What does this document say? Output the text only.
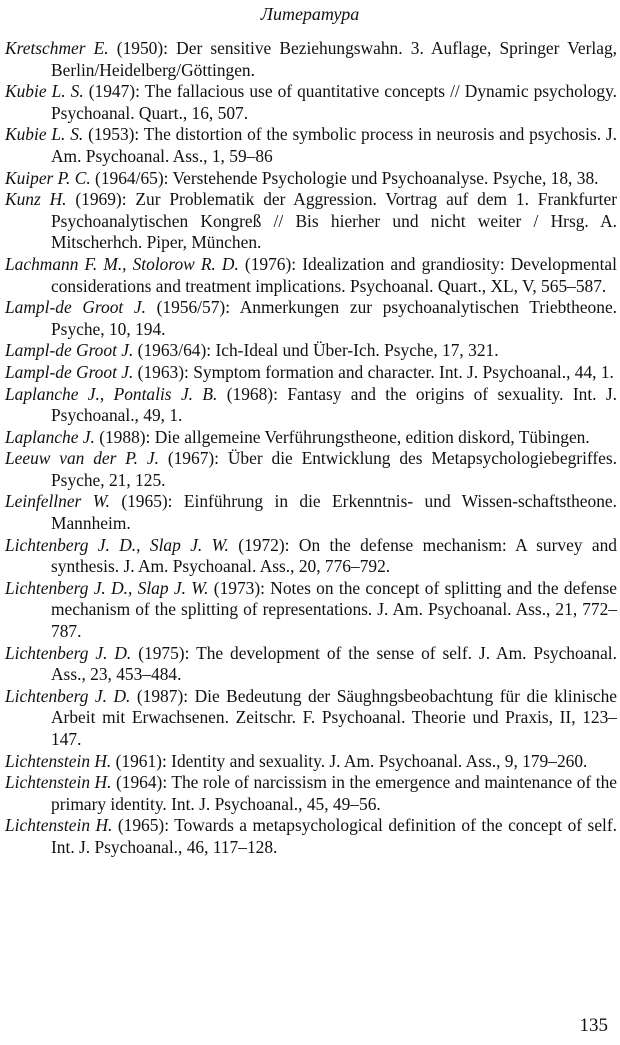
Литература

Kretschmer E. (1950): Der sensitive Beziehungswahn. 3. Auflage, Springer Verlag, Berlin/Heidelberg/Göttingen.

Kubie L. S. (1947): The fallacious use of quantitative concepts // Dynamic psychology. Psychoanal. Quart., 16, 507.

Kubie L. S. (1953): The distortion of the symbolic process in neurosis and psychosis. J. Am. Psychoanal. Ass., 1, 59–86

Kuiper P. C. (1964/65): Verstehende Psychologie und Psychoanalyse. Psyche, 18, 38.

Kunz H. (1969): Zur Problematik der Aggression. Vortrag auf dem 1. Frankfurter Psychoanalytischen Kongreß // Bis hierher und nicht weiter / Hrsg. A. Mitscherhch. Piper, München.

Lachmann F. M., Stolorow R. D. (1976): Idealization and grandiosity: Developmental considerations and treatment implications. Psychoanal. Quart., XL, V, 565–587.

Lampl-de Groot J. (1956/57): Anmerkungen zur psychoanalytischen Triebtheone. Psyche, 10, 194.

Lampl-de Groot J. (1963/64): Ich-Ideal und Über-Ich. Psyche, 17, 321.

Lampl-de Groot J. (1963): Symptom formation and character. Int. J. Psychoanal., 44, 1.

Laplanche J., Pontalis J. B. (1968): Fantasy and the origins of sexuality. Int. J. Psychoanal., 49, 1.

Laplanche J. (1988): Die allgemeine Verführungstheone, edition diskord, Tübingen.

Leeuw van der P. J. (1967): Über die Entwicklung des Metapsychologiebegriffes. Psyche, 21, 125.

Leinfellner W. (1965): Einführung in die Erkenntnis- und Wissen-schaftstheone. Mannheim.

Lichtenberg J. D., Slap J. W. (1972): On the defense mechanism: A survey and synthesis. J. Am. Psychoanal. Ass., 20, 776–792.

Lichtenberg J. D., Slap J. W. (1973): Notes on the concept of splitting and the defense mechanism of the splitting of representations. J. Am. Psychoanal. Ass., 21, 772–787.

Lichtenberg J. D. (1975): The development of the sense of self. J. Am. Psychoanal. Ass., 23, 453–484.

Lichtenberg J. D. (1987): Die Bedeutung der Säughngsbeobachtung für die klinische Arbeit mit Erwachsenen. Zeitschr. F. Psychoanal. Theorie und Praxis, II, 123–147.

Lichtenstein H. (1961): Identity and sexuality. J. Am. Psychoanal. Ass., 9, 179–260.

Lichtenstein H. (1964): The role of narcissism in the emergence and maintenance of the primary identity. Int. J. Psychoanal., 45, 49–56.

Lichtenstein H. (1965): Towards a metapsychological definition of the concept of self. Int. J. Psychoanal., 46, 117–128.

135
